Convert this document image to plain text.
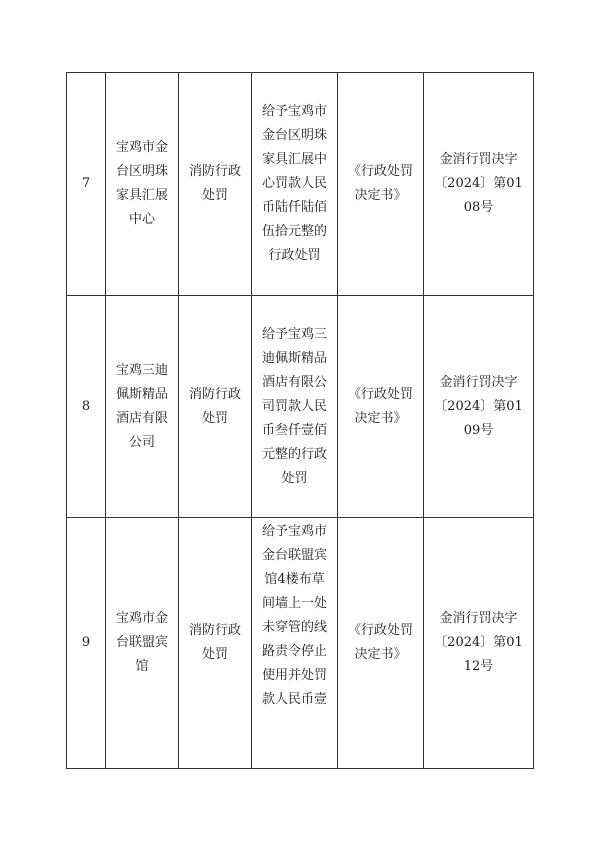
7	宝鸡市金台区明珠家具汇展中心	消防行政处罚	给予宝鸡市金台区明珠家具汇展中心罚款人民币陆仟陆佰伍拾元整的行政处罚	《行政处罚决定书》	金消行罚决字〔2024〕第0108号

8	宝鸡三迪佩斯精品酒店有限公司	消防行政处罚	给予宝鸡三迪佩斯精品酒店有限公司罚款人民币叁仟壹佰元整的行政处罚	《行政处罚决定书》	金消行罚决字〔2024〕第0109号

9	宝鸡市金台联盟宾馆	消防行政处罚	给予宝鸡市金台联盟宾馆4楼布草间墙上一处未穿管的线路责令停止使用并处罚款人民币壹	《行政处罚决定书》	金消行罚决字〔2024〕第0112号
